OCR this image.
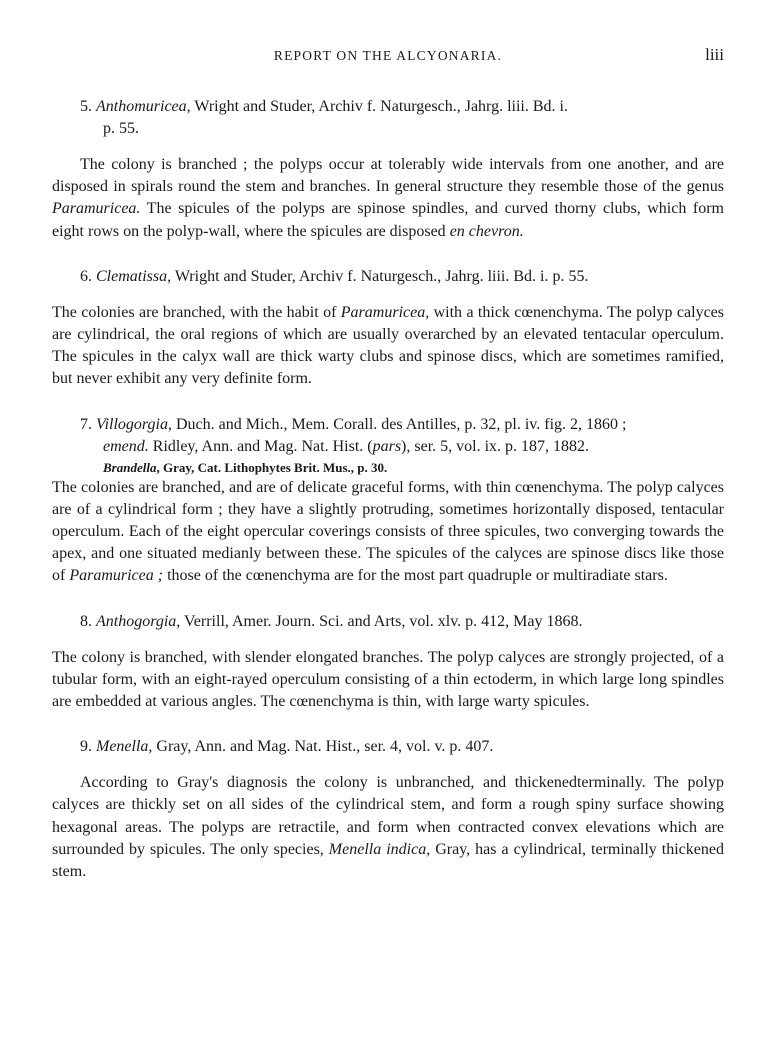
REPORT ON THE ALCYONARIA.	liii

5. Anthomuricea, Wright and Studer, Archiv f. Naturgesch., Jahrg. liii. Bd. i.
p. 55.

The colony is branched ; the polyps occur at tolerably wide intervals from one another, and are disposed in spirals round the stem and branches. In general structure they resemble those of the genus Paramuricea. The spicules of the polyps are spinose spindles, and curved thorny clubs, which form eight rows on the polyp-wall, where the spicules are disposed en chevron.

6. Clematissa, Wright and Studer, Archiv f. Naturgesch., Jahrg. liii. Bd. i. p. 55.

The colonies are branched, with the habit of Paramuricea, with a thick cœnenchyma. The polyp calyces are cylindrical, the oral regions of which are usually overarched by an elevated tentacular operculum. The spicules in the calyx wall are thick warty clubs and spinose discs, which are sometimes ramified, but never exhibit any very definite form.

7. Villogorgia, Duch. and Mich., Mem. Corall. des Antilles, p. 32, pl. iv. fig. 2, 1860 ;
emend. Ridley, Ann. and Mag. Nat. Hist. (pars), ser. 5, vol. ix. p. 187, 1882.

Brandella, Gray, Cat. Lithophytes Brit. Mus., p. 30.

The colonies are branched, and are of delicate graceful forms, with thin cœnenchyma. The polyp calyces are of a cylindrical form ; they have a slightly protruding, sometimes horizontally disposed, tentacular operculum. Each of the eight opercular coverings consists of three spicules, two converging towards the apex, and one situated medianly between these. The spicules of the calyces are spinose discs like those of Paramuricea ; those of the cœnenchyma are for the most part quadruple or multiradiate stars.

8. Anthogorgia, Verrill, Amer. Journ. Sci. and Arts, vol. xlv. p. 412, May 1868.

The colony is branched, with slender elongated branches. The polyp calyces are strongly projected, of a tubular form, with an eight-rayed operculum consisting of a thin ectoderm, in which large long spindles are embedded at various angles. The cœnenchyma is thin, with large warty spicules.

9. Menella, Gray, Ann. and Mag. Nat. Hist., ser. 4, vol. v. p. 407.

According to Gray's diagnosis the colony is unbranched, and thickenedterminally. The polyp calyces are thickly set on all sides of the cylindrical stem, and form a rough spiny surface showing hexagonal areas. The polyps are retractile, and form when contracted convex elevations which are surrounded by spicules. The only species, Menella indica, Gray, has a cylindrical, terminally thickened stem.
